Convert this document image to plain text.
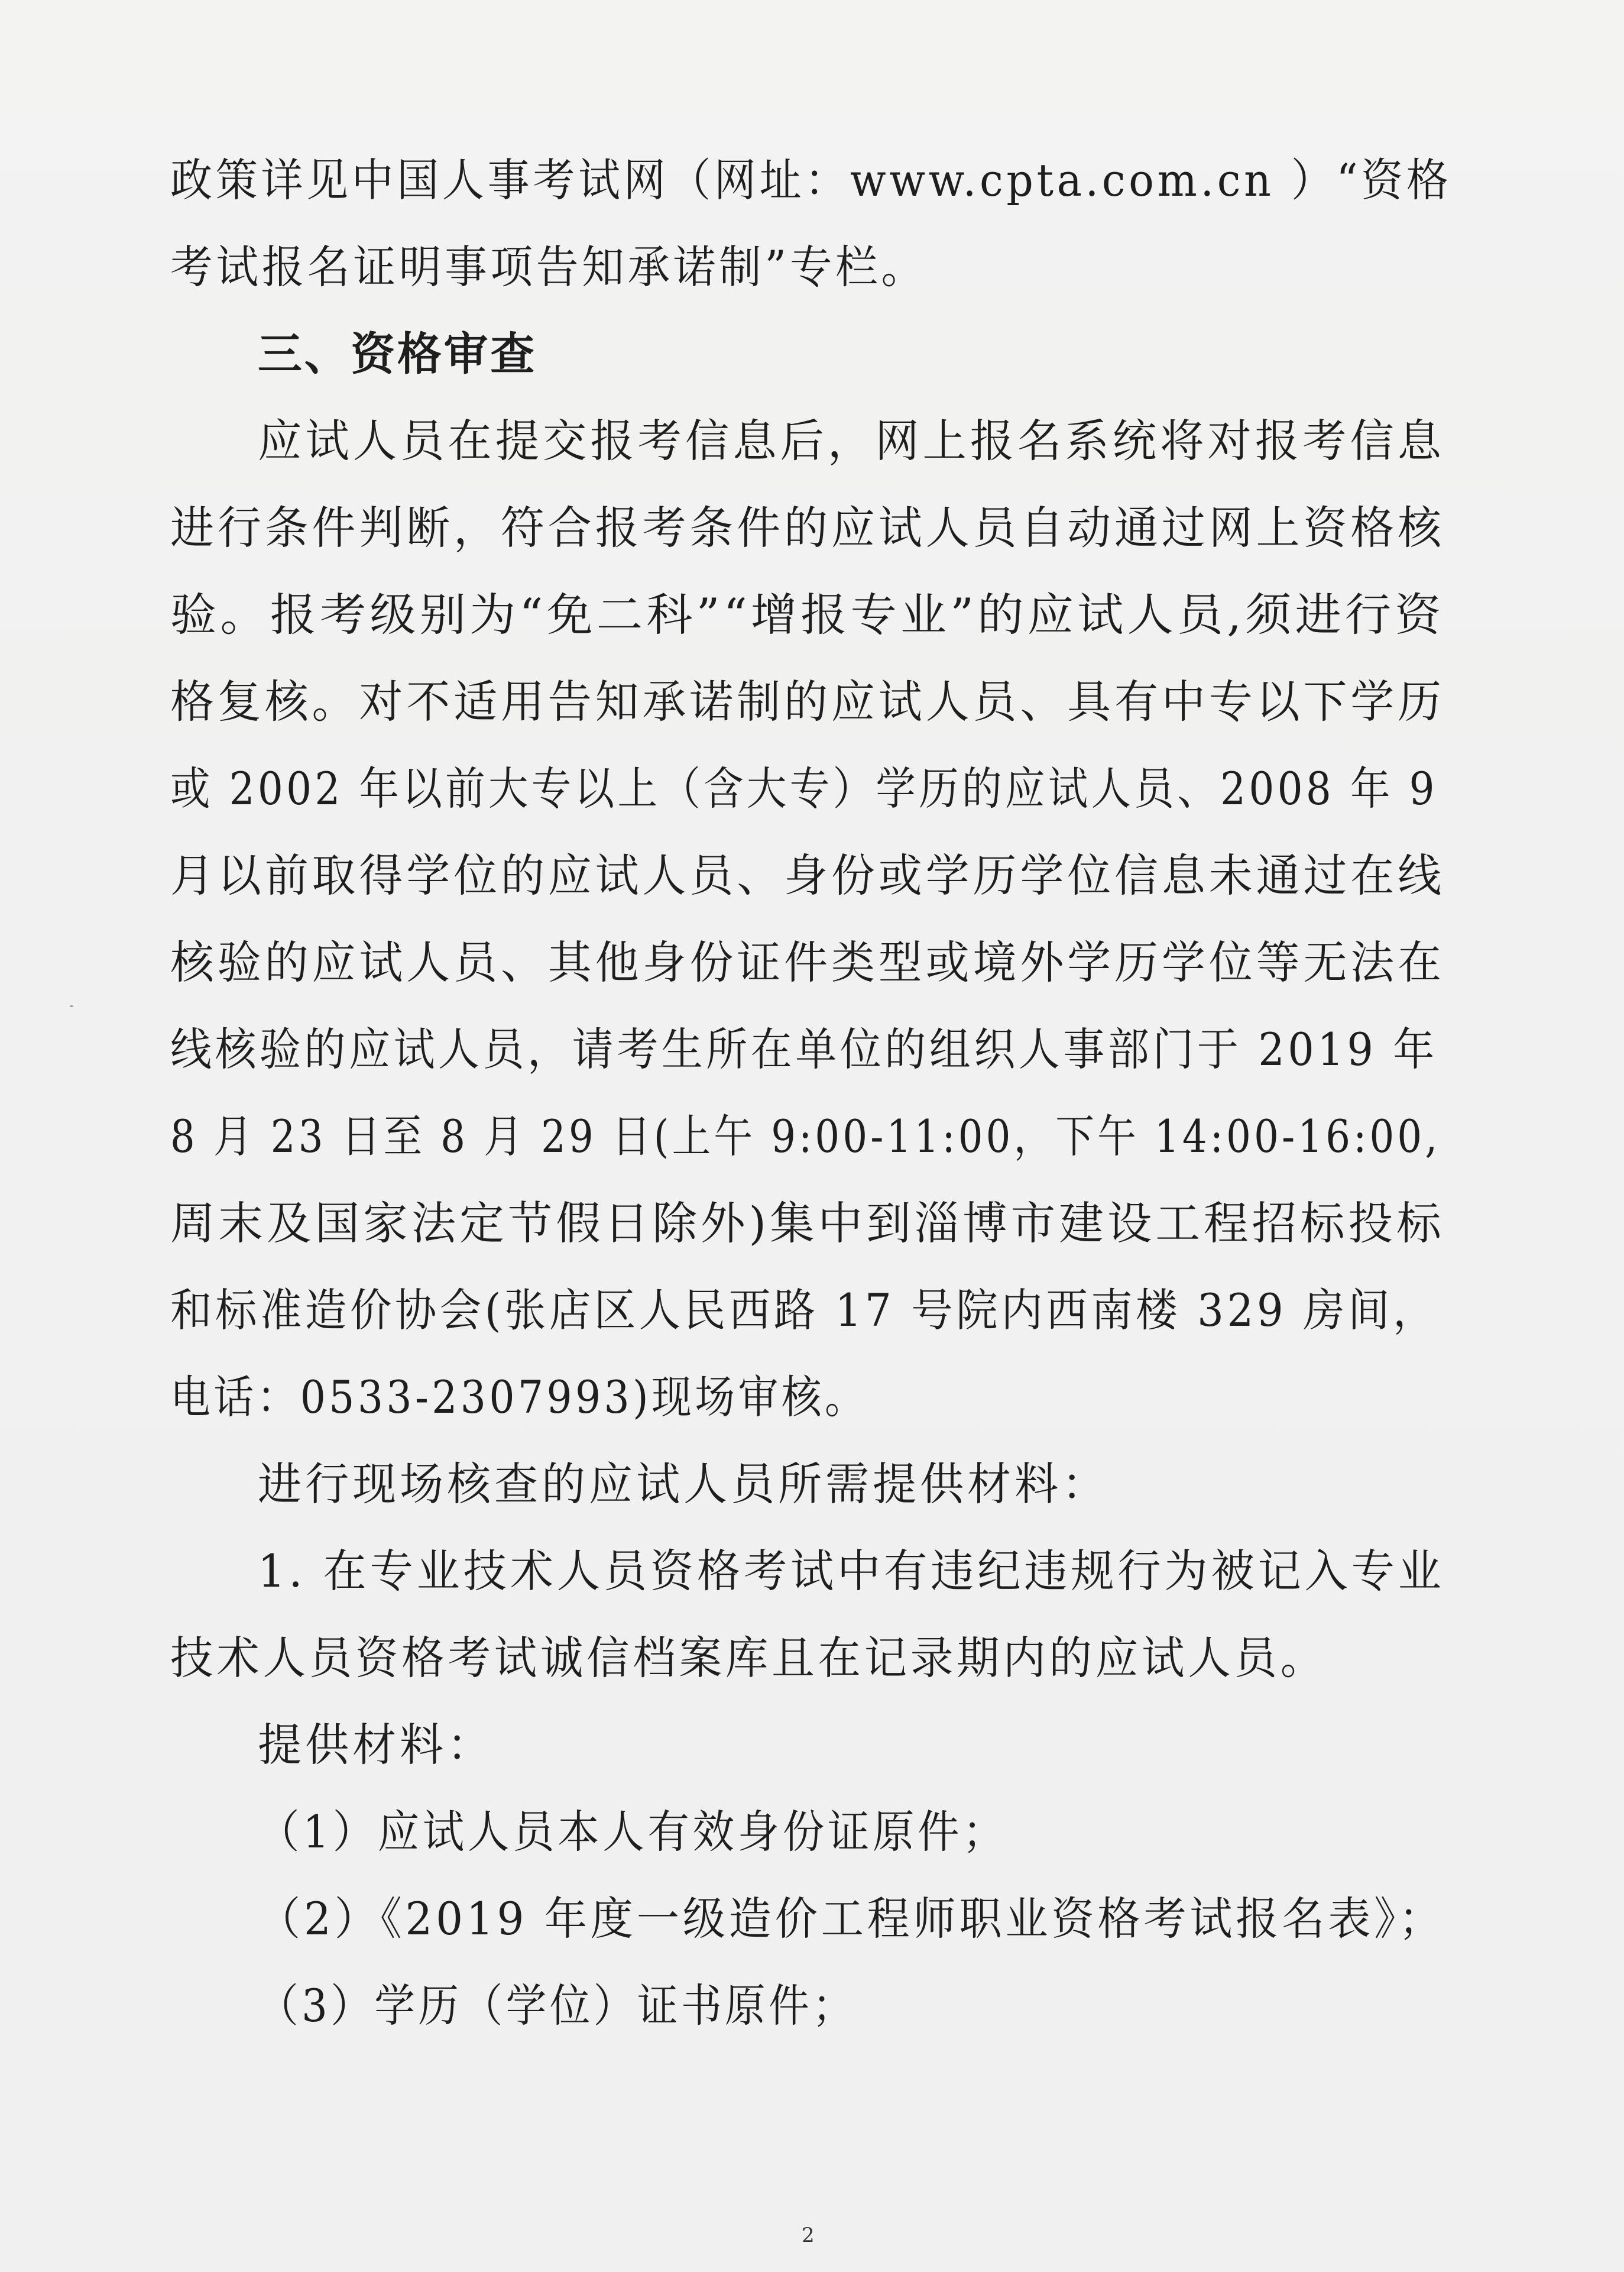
政策详见中国人事考试网（网址：www.cpta.com.cn ）“资格
考试报名证明事项告知承诺制”专栏。
三、资格审查
应试人员在提交报考信息后，网上报名系统将对报考信息
进行条件判断，符合报考条件的应试人员自动通过网上资格核
验。报考级别为“免二科”“增报专业”的应试人员,须进行资
格复核。对不适用告知承诺制的应试人员、具有中专以下学历
或 2002 年以前大专以上（含大专）学历的应试人员、2008 年 9
月以前取得学位的应试人员、身份或学历学位信息未通过在线
核验的应试人员、其他身份证件类型或境外学历学位等无法在
线核验的应试人员，请考生所在单位的组织人事部门于 2019 年
8 月 23 日至 8 月 29 日(上午 9:00-11:00，下午 14:00-16:00,
周末及国家法定节假日除外)集中到淄博市建设工程招标投标
和标准造价协会(张店区人民西路 17 号院内西南楼 329 房间，
电话：0533-2307993)现场审核。
进行现场核查的应试人员所需提供材料：
1. 在专业技术人员资格考试中有违纪违规行为被记入专业
技术人员资格考试诚信档案库且在记录期内的应试人员。
提供材料：
（1）应试人员本人有效身份证原件；
（2）《2019 年度一级造价工程师职业资格考试报名表》；
（3）学历（学位）证书原件；
2
